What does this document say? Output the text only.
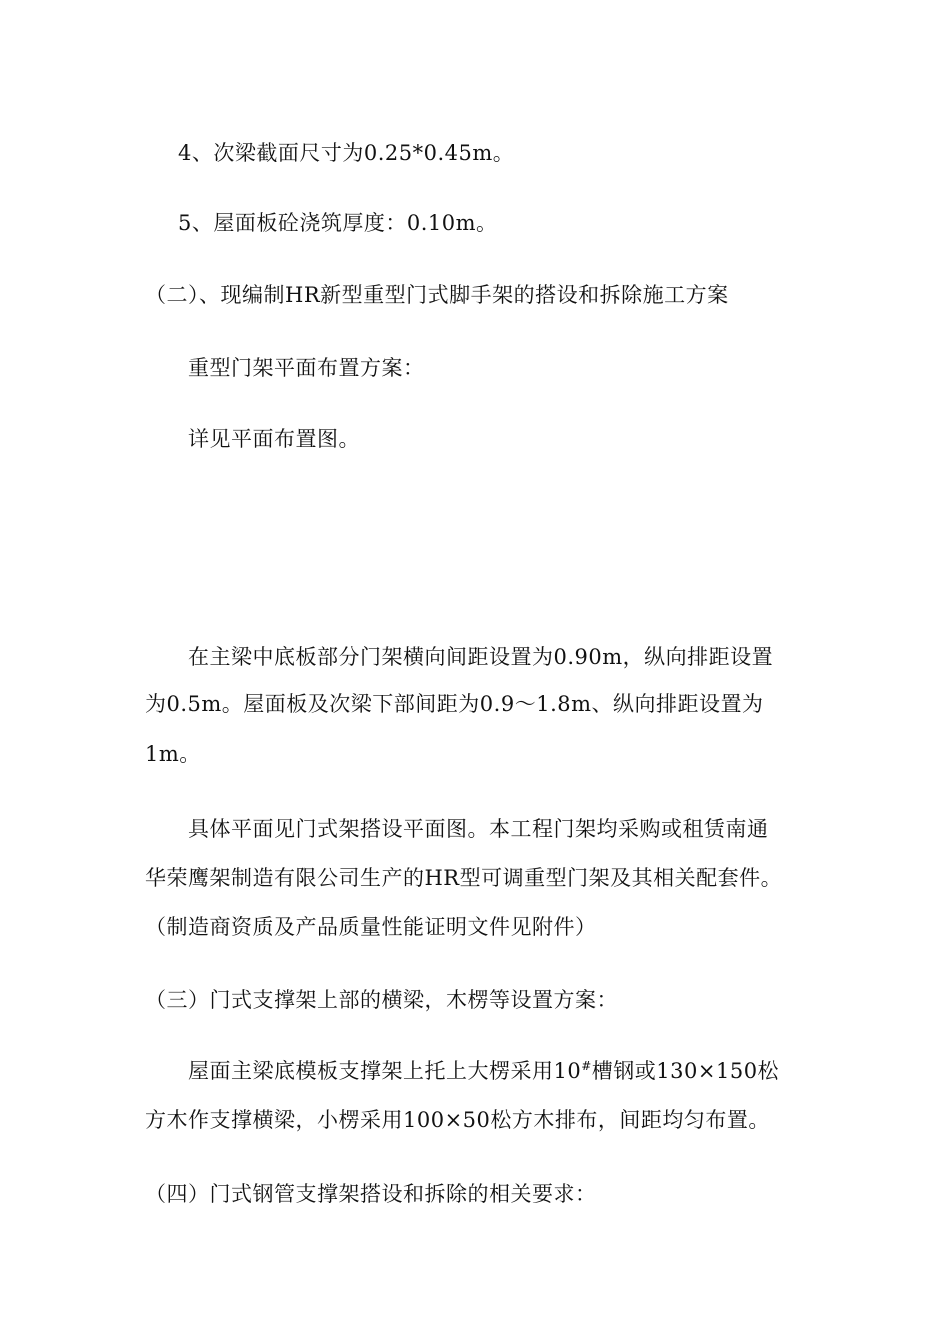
4、次梁截面尺寸为0.25*0.45m。
5、屋面板砼浇筑厚度：0.10m。
（二）、现编制HR新型重型门式脚手架的搭设和拆除施工方案
重型门架平面布置方案：
详见平面布置图。
在主梁中底板部分门架横向间距设置为0.90m，纵向排距设置
为0.5m。屋面板及次梁下部间距为0.9～1.8m、纵向排距设置为
1m。
具体平面见门式架搭设平面图。本工程门架均采购或租赁南通
华荣鹰架制造有限公司生产的HR型可调重型门架及其相关配套件。
（制造商资质及产品质量性能证明文件见附件）
（三）门式支撑架上部的横梁，木楞等设置方案：
屋面主梁底模板支撑架上托上大楞采用10#槽钢或130×150松
方木作支撑横梁，小楞采用100×50松方木排布，间距均匀布置。
（四）门式钢管支撑架搭设和拆除的相关要求：
